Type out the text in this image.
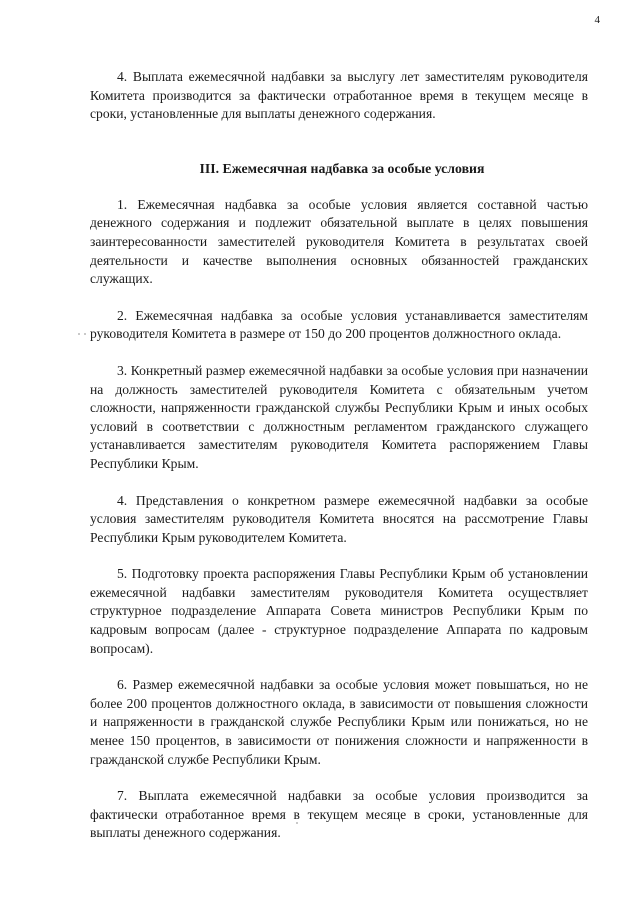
4

4. Выплата ежемесячной надбавки за выслугу лет заместителям руководителя Комитета производится за фактически отработанное время в текущем месяце в сроки, установленные для выплаты денежного содержания.

III. Ежемесячная надбавка за особые условия

1. Ежемесячная надбавка за особые условия является составной частью денежного содержания и подлежит обязательной выплате в целях повышения заинтересованности заместителей руководителя Комитета в результатах своей деятельности и качестве выполнения основных обязанностей гражданских служащих.

2. Ежемесячная надбавка за особые условия устанавливается заместителям руководителя Комитета в размере от 150 до 200 процентов должностного оклада.

3. Конкретный размер ежемесячной надбавки за особые условия при назначении на должность заместителей руководителя Комитета с обязательным учетом сложности, напряженности гражданской службы Республики Крым и иных особых условий в соответствии с должностным регламентом гражданского служащего устанавливается заместителям руководителя Комитета распоряжением Главы Республики Крым.

4. Представления о конкретном размере ежемесячной надбавки за особые условия заместителям руководителя Комитета вносятся на рассмотрение Главы Республики Крым руководителем Комитета.

5. Подготовку проекта распоряжения Главы Республики Крым об установлении ежемесячной надбавки заместителям руководителя Комитета осуществляет структурное подразделение Аппарата Совета министров Республики Крым по кадровым вопросам (далее - структурное подразделение Аппарата по кадровым вопросам).

6. Размер ежемесячной надбавки за особые условия может повышаться, но не более 200 процентов должностного оклада, в зависимости от повышения сложности и напряженности в гражданской службе Республики Крым или понижаться, но не менее 150 процентов, в зависимости от понижения сложности и напряженности в гражданской службе Республики Крым.

7. Выплата ежемесячной надбавки за особые условия производится за фактически отработанное время в текущем месяце в сроки, установленные для выплаты денежного содержания.
